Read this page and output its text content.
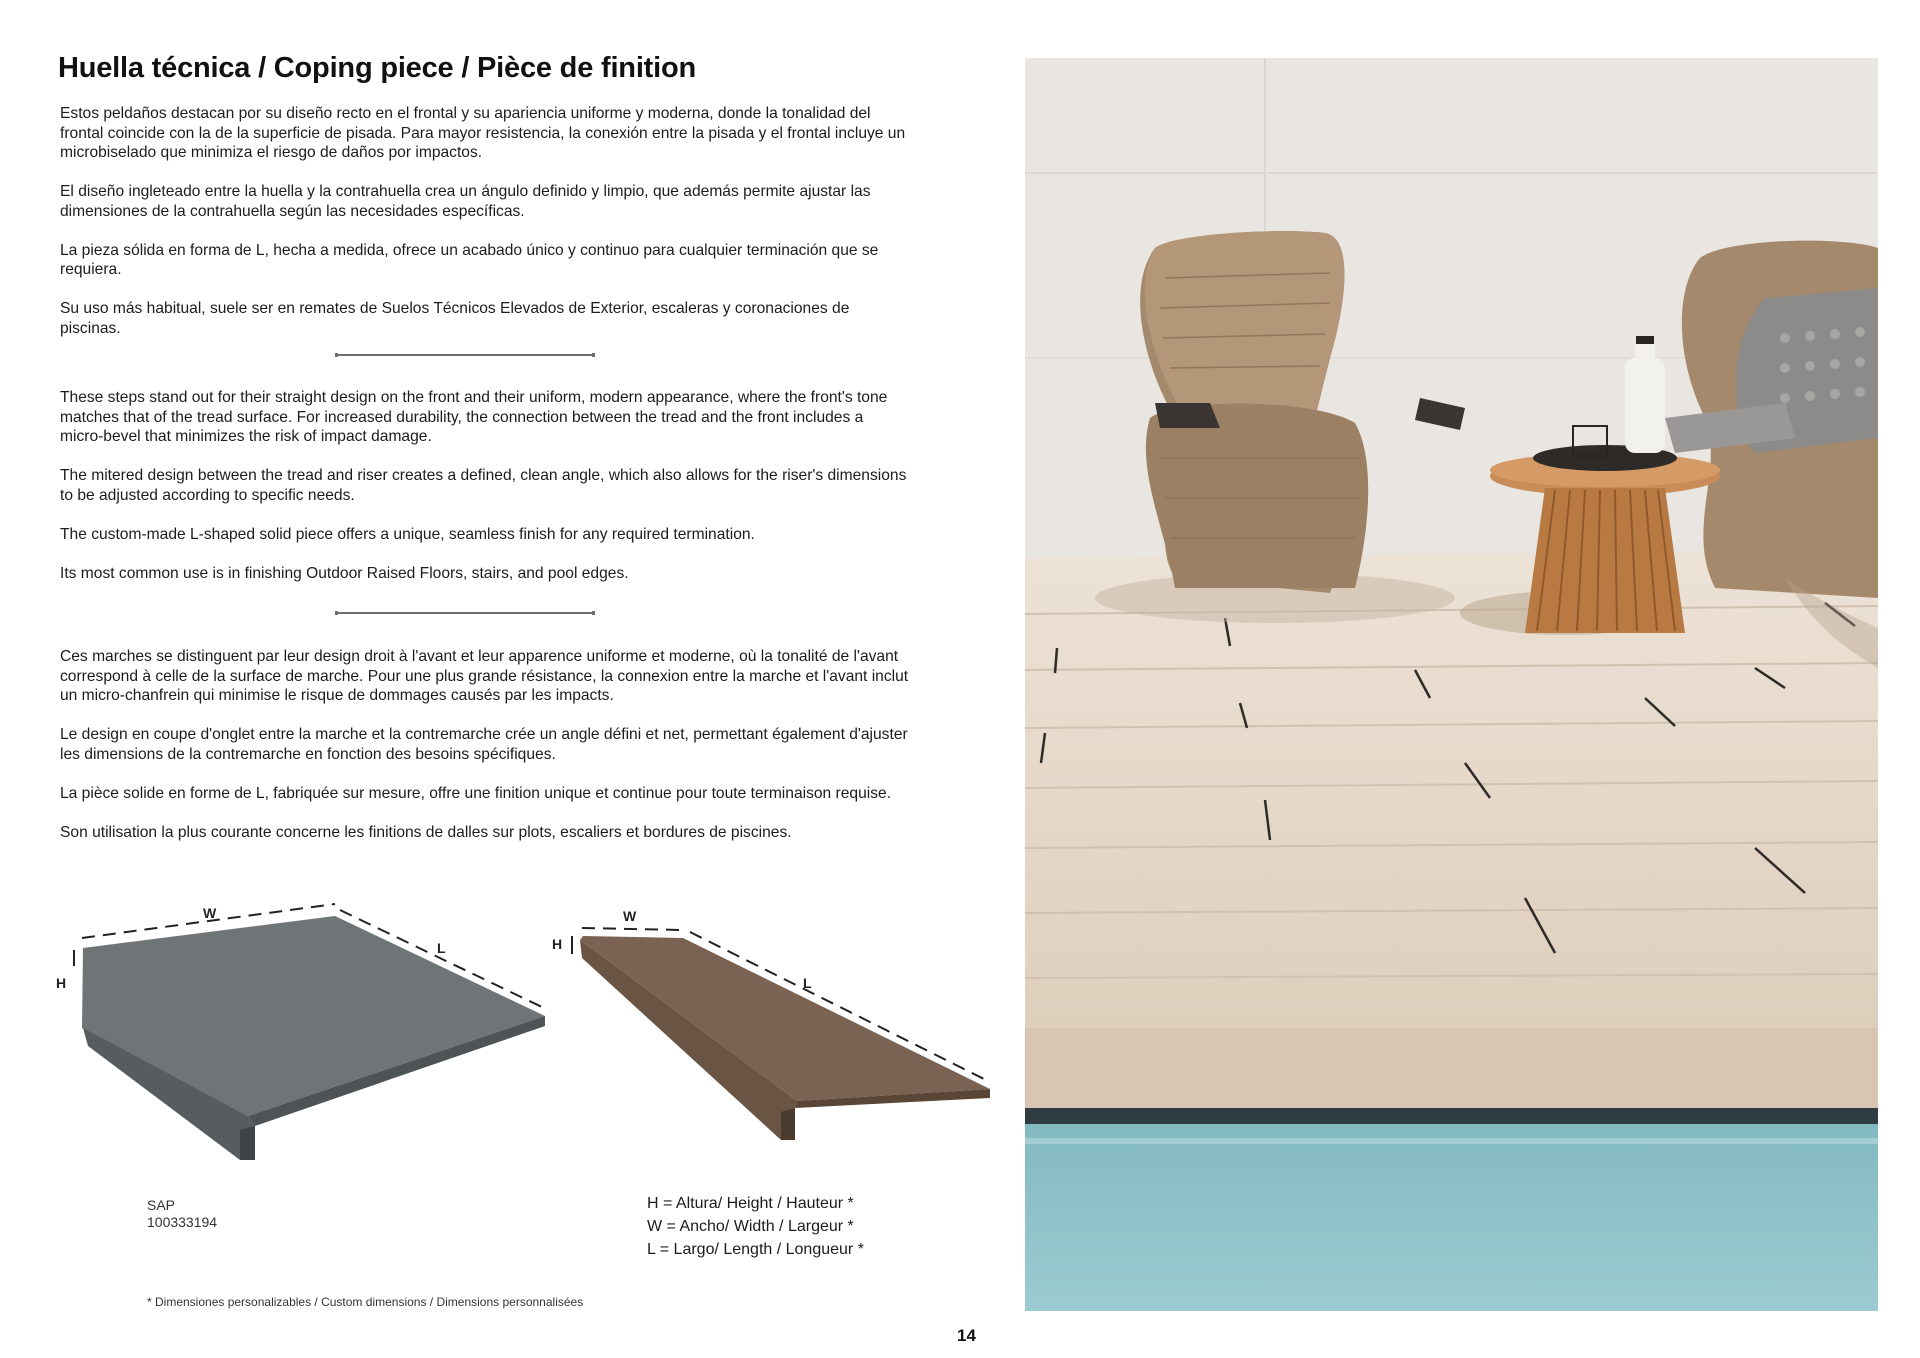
Huella técnica / Coping piece / Pièce de finition

Estos peldaños destacan por su diseño recto en el frontal y su apariencia uniforme y moderna, donde la tonalidad del frontal coincide con la de la superficie de pisada. Para mayor resistencia, la conexión entre la pisada y el frontal incluye un microbiselado que minimiza el riesgo de daños por impactos.

El diseño ingleteado entre la huella y la contrahuella crea un ángulo definido y limpio, que además permite ajustar las dimensiones de la contrahuella según las necesidades específicas.

La pieza sólida en forma de L, hecha a medida, ofrece un acabado único y continuo para cualquier terminación que se requiera.

Su uso más habitual, suele ser en remates de Suelos Técnicos Elevados de Exterior, escaleras y coronaciones de piscinas.

These steps stand out for their straight design on the front and their uniform, modern appearance, where the front's tone matches that of the tread surface. For increased durability, the connection between the tread and the front includes a micro-bevel that minimizes the risk of impact damage.

The mitered design between the tread and riser creates a defined, clean angle, which also allows for the riser's dimensions to be adjusted according to specific needs.

The custom-made L-shaped solid piece offers a unique, seamless finish for any required termination.

Its most common use is in finishing Outdoor Raised Floors, stairs, and pool edges.

Ces marches se distinguent par leur design droit à l'avant et leur apparence uniforme et moderne, où la tonalité de l'avant correspond à celle de la surface de marche. Pour une plus grande résistance, la connexion entre la marche et l'avant inclut un micro-chanfrein qui minimise le risque de dommages causés par les impacts.

Le design en coupe d'onglet entre la marche et la contremarche crée un angle défini et net, permettant également d'ajuster les dimensions de la contremarche en fonction des besoins spécifiques.

La pièce solide en forme de L, fabriquée sur mesure, offre une finition unique et continue pour toute terminaison requise.

Son utilisation la plus courante concerne les finitions de dalles sur plots, escaliers et bordures de piscines.

W
L
H
W
L
H
SAP
100333194
H = Altura/ Height / Hauteur *
W = Ancho/ Width / Largeur *
L = Largo/ Length / Longueur *
* Dimensiones personalizables / Custom dimensions / Dimensions personnalisées
14
